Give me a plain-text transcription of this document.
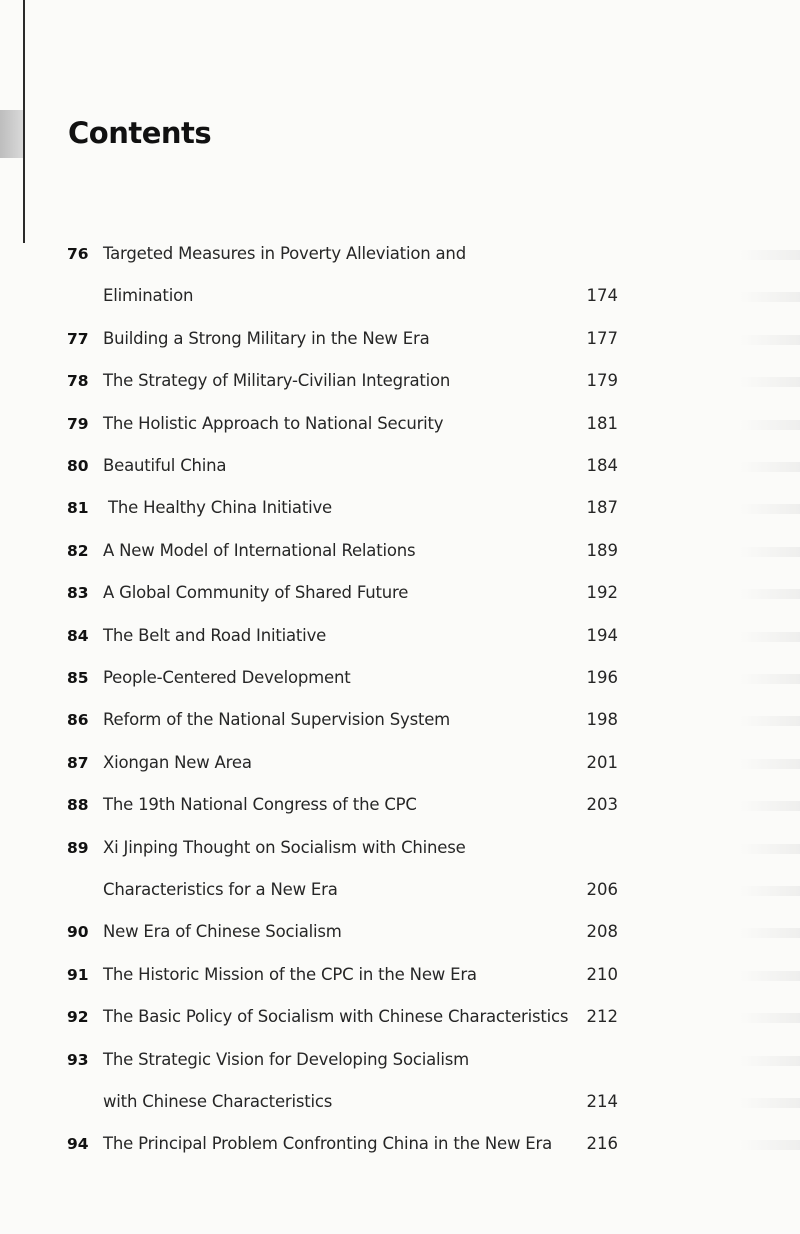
Contents
76 Targeted Measures in Poverty Alleviation and
Elimination	174
77 Building a Strong Military in the New Era	177
78 The Strategy of Military-Civilian Integration	179
79 The Holistic Approach to National Security	181
80 Beautiful China	184
81 The Healthy China Initiative	187
82 A New Model of International Relations	189
83 A Global Community of Shared Future	192
84 The Belt and Road Initiative	194
85 People-Centered Development	196
86 Reform of the National Supervision System	198
87 Xiongan New Area	201
88 The 19th National Congress of the CPC	203
89 Xi Jinping Thought on Socialism with Chinese
Characteristics for a New Era	206
90 New Era of Chinese Socialism	208
91 The Historic Mission of the CPC in the New Era	210
92 The Basic Policy of Socialism with Chinese Characteristics	212
93 The Strategic Vision for Developing Socialism
with Chinese Characteristics	214
94 The Principal Problem Confronting China in the New Era	216
